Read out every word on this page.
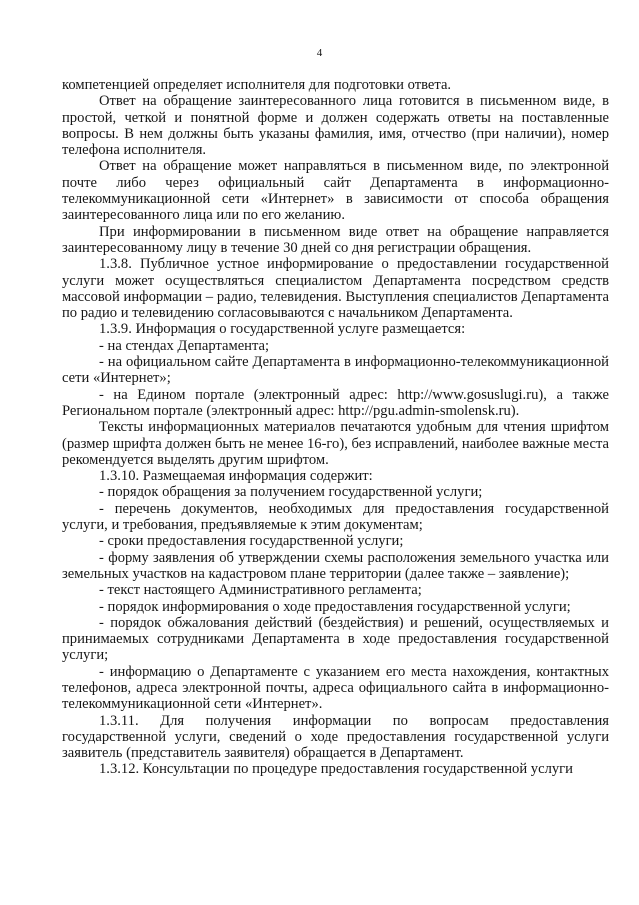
4

компетенцией определяет исполнителя для подготовки ответа.

Ответ на обращение заинтересованного лица готовится в письменном виде, в простой, четкой и понятной форме и должен содержать ответы на поставленные вопросы. В нем должны быть указаны фамилия, имя, отчество (при наличии), номер телефона исполнителя.

Ответ на обращение может направляться в письменном виде, по электронной почте либо через официальный сайт Департамента в информационно-телекоммуникационной сети «Интернет» в зависимости от способа обращения заинтересованного лица или по его желанию.

При информировании в письменном виде ответ на обращение направляется заинтересованному лицу в течение 30 дней со дня регистрации обращения.

1.3.8. Публичное устное информирование о предоставлении государственной услуги может осуществляться специалистом Департамента посредством средств массовой информации – радио, телевидения. Выступления специалистов Департамента по радио и телевидению согласовываются с начальником Департамента.

1.3.9. Информация о государственной услуге размещается:

- на стендах Департамента;

- на официальном сайте Департамента в информационно-телекоммуникационной сети «Интернет»;

- на Едином портале (электронный адрес: http://www.gosuslugi.ru), а также Региональном портале (электронный адрес: http://pgu.admin-smolensk.ru).

Тексты информационных материалов печатаются удобным для чтения шрифтом (размер шрифта должен быть не менее 16-го), без исправлений, наиболее важные места рекомендуется выделять другим шрифтом.

1.3.10. Размещаемая информация содержит:

- порядок обращения за получением государственной услуги;

- перечень документов, необходимых для предоставления государственной услуги, и требования, предъявляемые к этим документам;

- сроки предоставления государственной услуги;

- форму заявления об утверждении схемы расположения земельного участка или земельных участков на кадастровом плане территории (далее также – заявление);

- текст настоящего Административного регламента;

- порядок информирования о ходе предоставления государственной услуги;

- порядок обжалования действий (бездействия) и решений, осуществляемых и принимаемых сотрудниками Департамента в ходе предоставления государственной услуги;

- информацию о Департаменте с указанием его места нахождения, контактных телефонов, адреса электронной почты, адреса официального сайта в информационно-телекоммуникационной сети «Интернет».

1.3.11. Для получения информации по вопросам предоставления государственной услуги, сведений о ходе предоставления государственной услуги заявитель (представитель заявителя) обращается в Департамент.

1.3.12. Консультации по процедуре предоставления государственной услуги
